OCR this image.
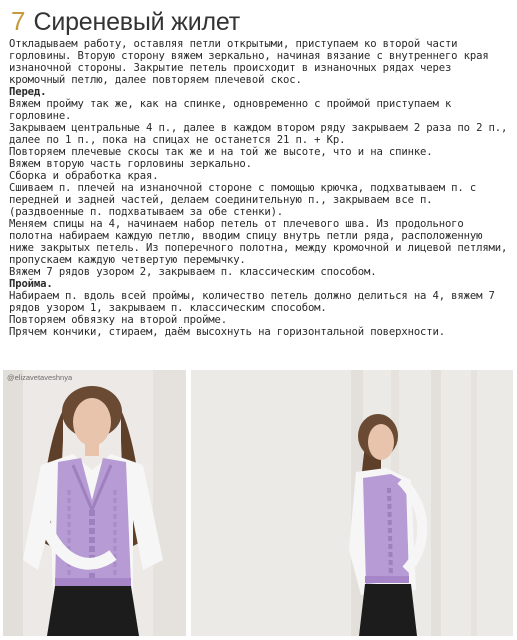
7 Сиреневый жилет
Откладываем работу, оставляя петли открытыми, приступаем ко второй части горловины. Вторую сторону вяжем зеркально, начиная вязание с внутреннего края изнаночной стороны. Закрытие петель происходит в изнаночных рядах через кромочный петлю, далее повторяем плечевой скос.
Перед.
Вяжем пройму так же, как на спинке, одновременно с проймой приступаем к горловине.
Закрываем центральные 4 п., далее в каждом втором ряду закрываем 2 раза по 2 п., далее по 1 п., пока на спицах не останется 21 п. + Кр.
Повторяем плечевые скосы так же и на той же высоте, что и на спинке.
Вяжем вторую часть горловины зеркально.
Сборка и обработка края.
Сшиваем п. плечей на изнаночной стороне с помощью крючка, подхватываем п. с передней и задней частей, делаем соединительную п., закрываем все п. (раздвоенные п. подхватываем за обе стенки).
Меняем спицы на 4, начинаем набор петель от плечевого шва. Из продольного полотна набираем каждую петлю, вводим спицу внутрь петли ряда, расположенную ниже закрытых петель. Из поперечного полотна, между кромочной и лицевой петлями, пропускаем каждую четвертую перемычку.
Вяжем 7 рядов узором 2, закрываем п. классическим способом.
Пройма.
Набираем п. вдоль всей проймы, количество петель должно делиться на 4, вяжем 7 рядов узором 1, закрываем п. классическим способом.
Повторяем обвязку на второй пройме.
Прячем кончики, стираем, даём высохнуть на горизонтальной поверхности.
@elizavetaveshnya
